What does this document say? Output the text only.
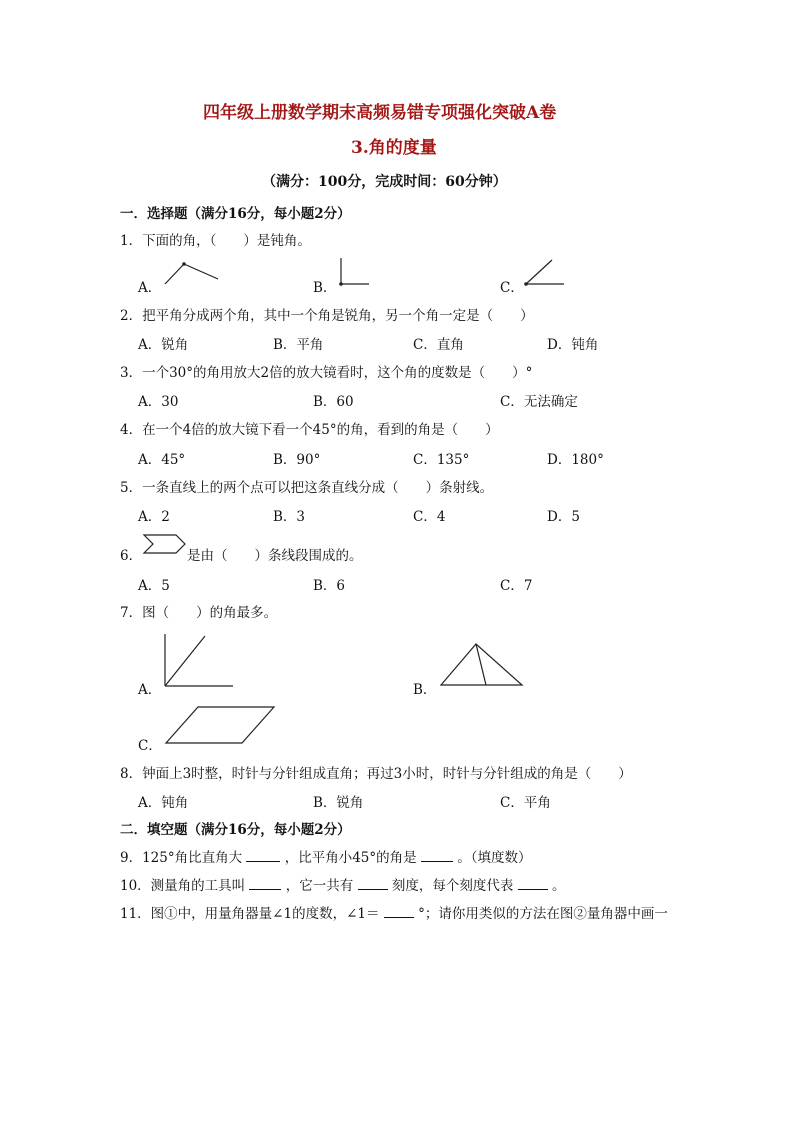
四年级上册数学期末高频易错专项强化突破A卷
3.角的度量
（满分：100分，完成时间：60分钟）
一．选择题（满分16分，每小题2分）
1．下面的角，（　　）是钝角。
A．	B．	C．
2．把平角分成两个角，其中一个角是锐角，另一个角一定是（　　）
A．锐角	B．平角	C．直角	D．钝角
3．一个30°的角用放大2倍的放大镜看时，这个角的度数是（　　）°
A．30	B．60	C．无法确定
4．在一个4倍的放大镜下看一个45°的角，看到的角是（　　）
A．45°	B．90°	C．135°	D．180°
5．一条直线上的两个点可以把这条直线分成（　　）条射线。
A．2	B．3	C．4	D．5
6．	是由（　　）条线段围成的。
A．5	B．6	C．7
7．图（　　）的角最多。
A．	B．
C．
8．钟面上3时整，时针与分针组成直角；再过3小时，时针与分针组成的角是（　　）
A．钝角	B．锐角	C．平角
二．填空题（满分16分，每小题2分）
9．125°角比直角大	，比平角小45°的角是	。（填度数）
10．测量角的工具叫	，它一共有	刻度，每个刻度代表	。
11．图①中，用量角器量∠1的度数，∠1＝	°；请你用类似的方法在图②量角器中画一
